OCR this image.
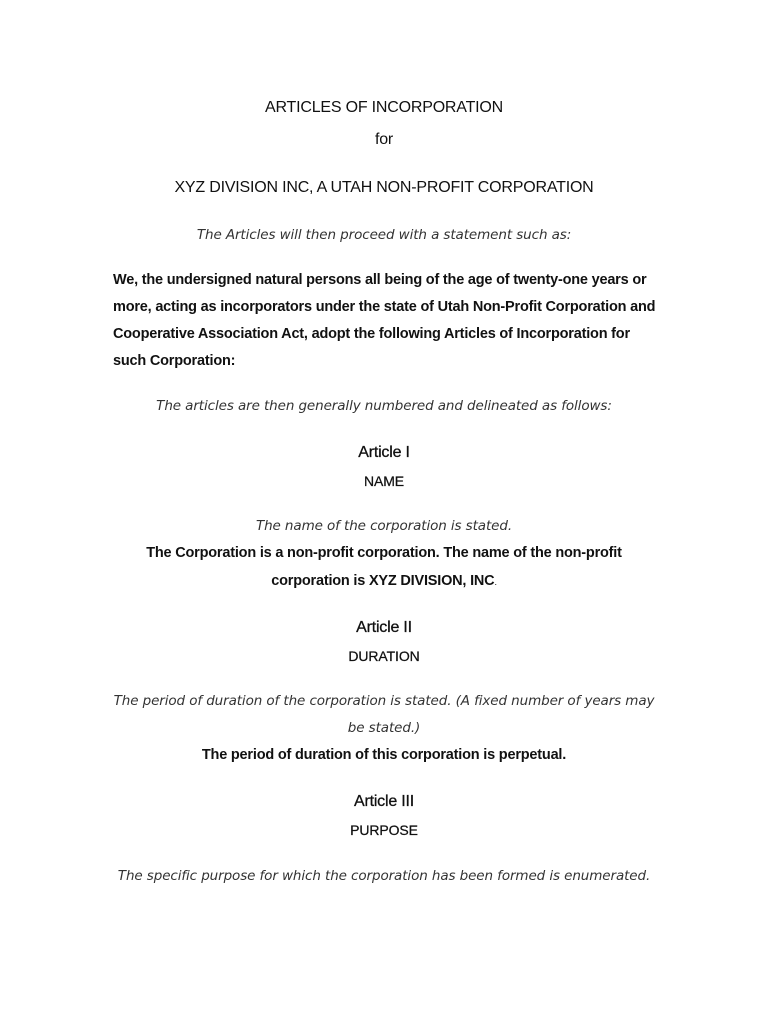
ARTICLES OF INCORPORATION
for
XYZ DIVISION INC, A UTAH NON-PROFIT CORPORATION
The Articles will then proceed with a statement such as:
We, the undersigned natural persons all being of the age of twenty-one years or
more, acting as incorporators under the state of Utah Non-Profit Corporation and
Cooperative Association Act, adopt the following Articles of Incorporation for
such Corporation:
The articles are then generally numbered and delineated as follows:
Article I
NAME
The name of the corporation is stated.
The Corporation is a non-profit corporation. The name of the non-profit
corporation is XYZ DIVISION, INC.
Article II
DURATION
The period of duration of the corporation is stated. (A fixed number of years may
be stated.)
The period of duration of this corporation is perpetual.
Article III
PURPOSE
The specific purpose for which the corporation has been formed is enumerated.
